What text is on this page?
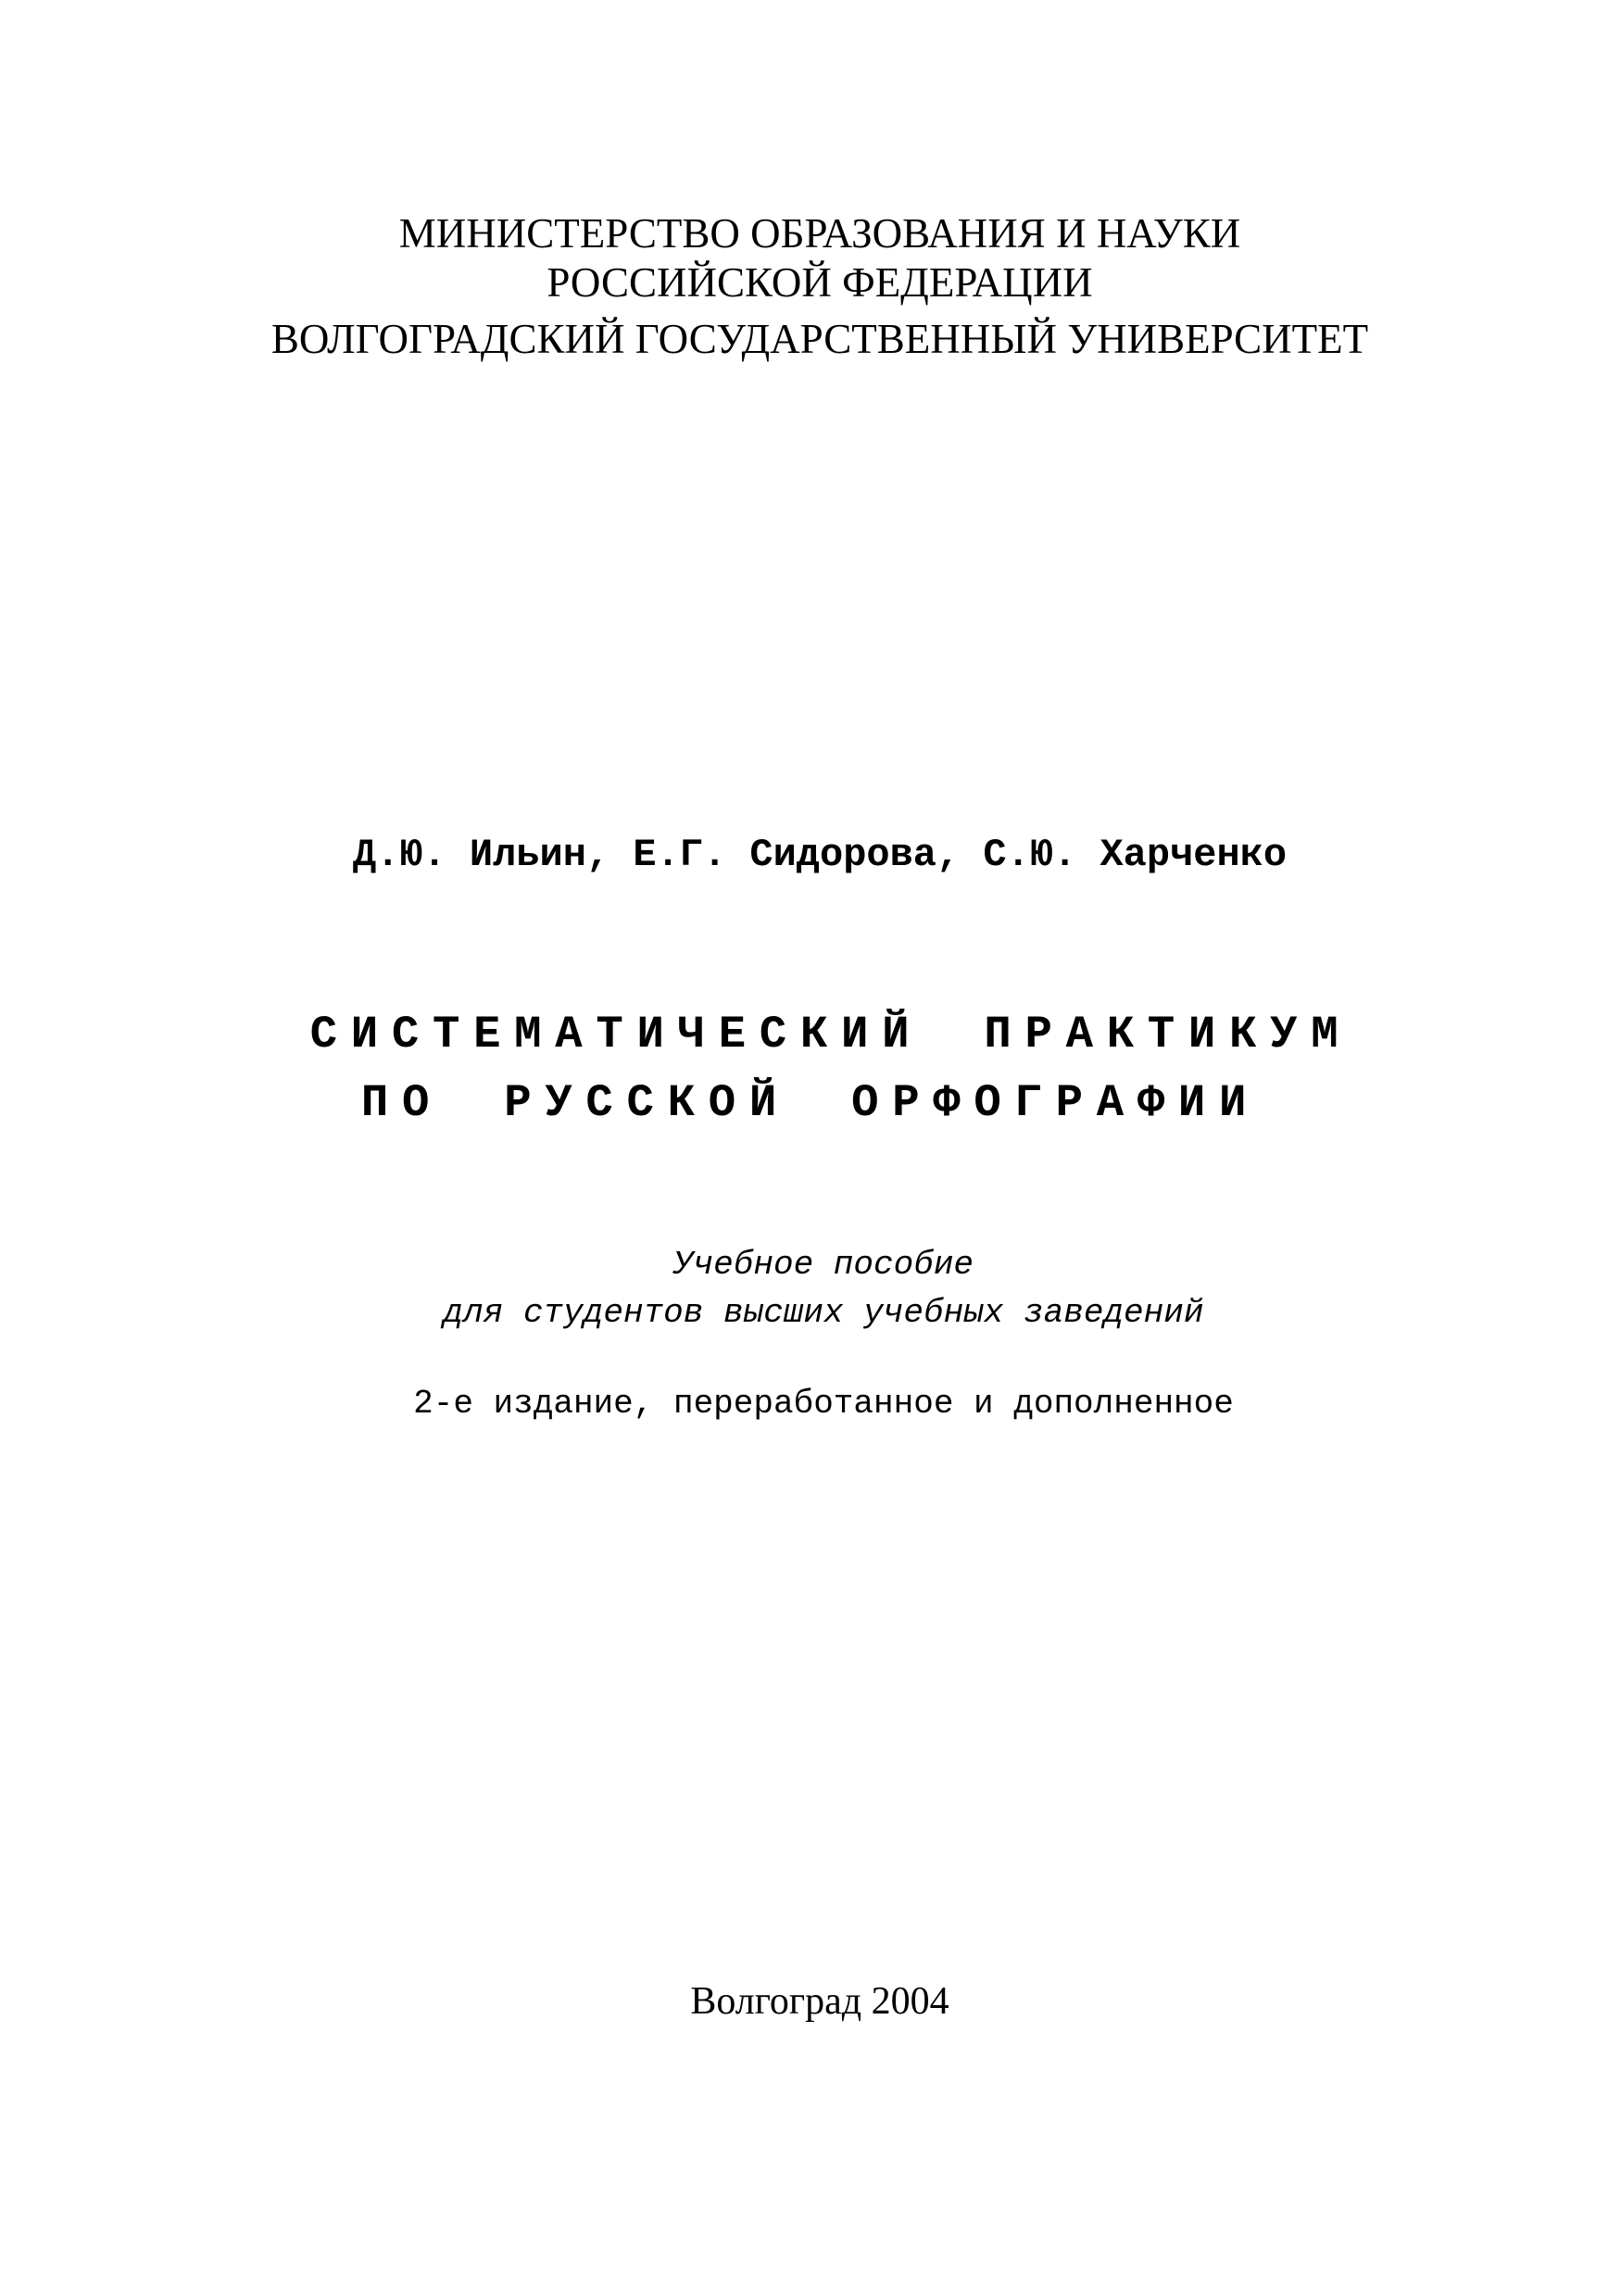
МИНИСТЕРСТВО ОБРАЗОВАНИЯ И НАУКИ
РОССИЙСКОЙ ФЕДЕРАЦИИ
ВОЛГОГРАДСКИЙ ГОСУДАРСТВЕННЫЙ УНИВЕРСИТЕТ
Д.Ю. Ильин, Е.Г. Сидорова, С.Ю. Харченко
СИСТЕМАТИЧЕСКИЙ ПРАКТИКУМ
ПО РУССКОЙ ОРФОГРАФИИ
Учебное пособие
для студентов высших учебных заведений
2-е издание, переработанное и дополненное
Волгоград 2004
